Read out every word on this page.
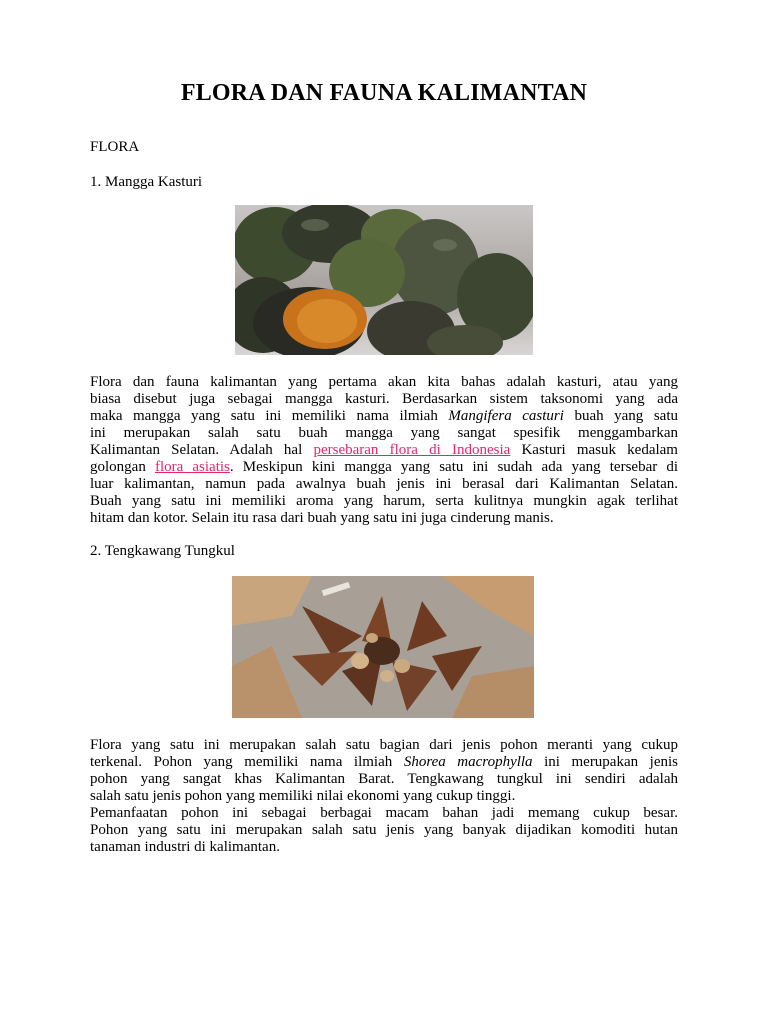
FLORA DAN FAUNA KALIMANTAN

FLORA

1. Mangga Kasturi

Flora dan fauna kalimantan yang pertama akan kita bahas adalah kasturi, atau yang
biasa disebut juga sebagai mangga kasturi. Berdasarkan sistem taksonomi yang ada
maka mangga yang satu ini memiliki nama ilmiah Mangifera casturi buah yang satu
ini merupakan salah satu buah mangga yang sangat spesifik menggambarkan
Kalimantan Selatan. Adalah hal persebaran flora di Indonesia Kasturi masuk kedalam
golongan flora asiatis. Meskipun kini mangga yang satu ini sudah ada yang tersebar di
luar kalimantan, namun pada awalnya buah jenis ini berasal dari Kalimantan Selatan.
Buah yang satu ini memiliki aroma yang harum, serta kulitnya mungkin agak terlihat
hitam dan kotor. Selain itu rasa dari buah yang satu ini juga cinderung manis.

2. Tengkawang Tungkul

Flora yang satu ini merupakan salah satu bagian dari jenis pohon meranti yang cukup
terkenal. Pohon yang memiliki nama ilmiah Shorea macrophylla ini merupakan jenis
pohon yang sangat khas Kalimantan Barat. Tengkawang tungkul ini sendiri adalah
salah satu jenis pohon yang memiliki nilai ekonomi yang cukup tinggi.
Pemanfaatan pohon ini sebagai berbagai macam bahan jadi memang cukup besar.
Pohon yang satu ini merupakan salah satu jenis yang banyak dijadikan komoditi hutan
tanaman industri di kalimantan.
